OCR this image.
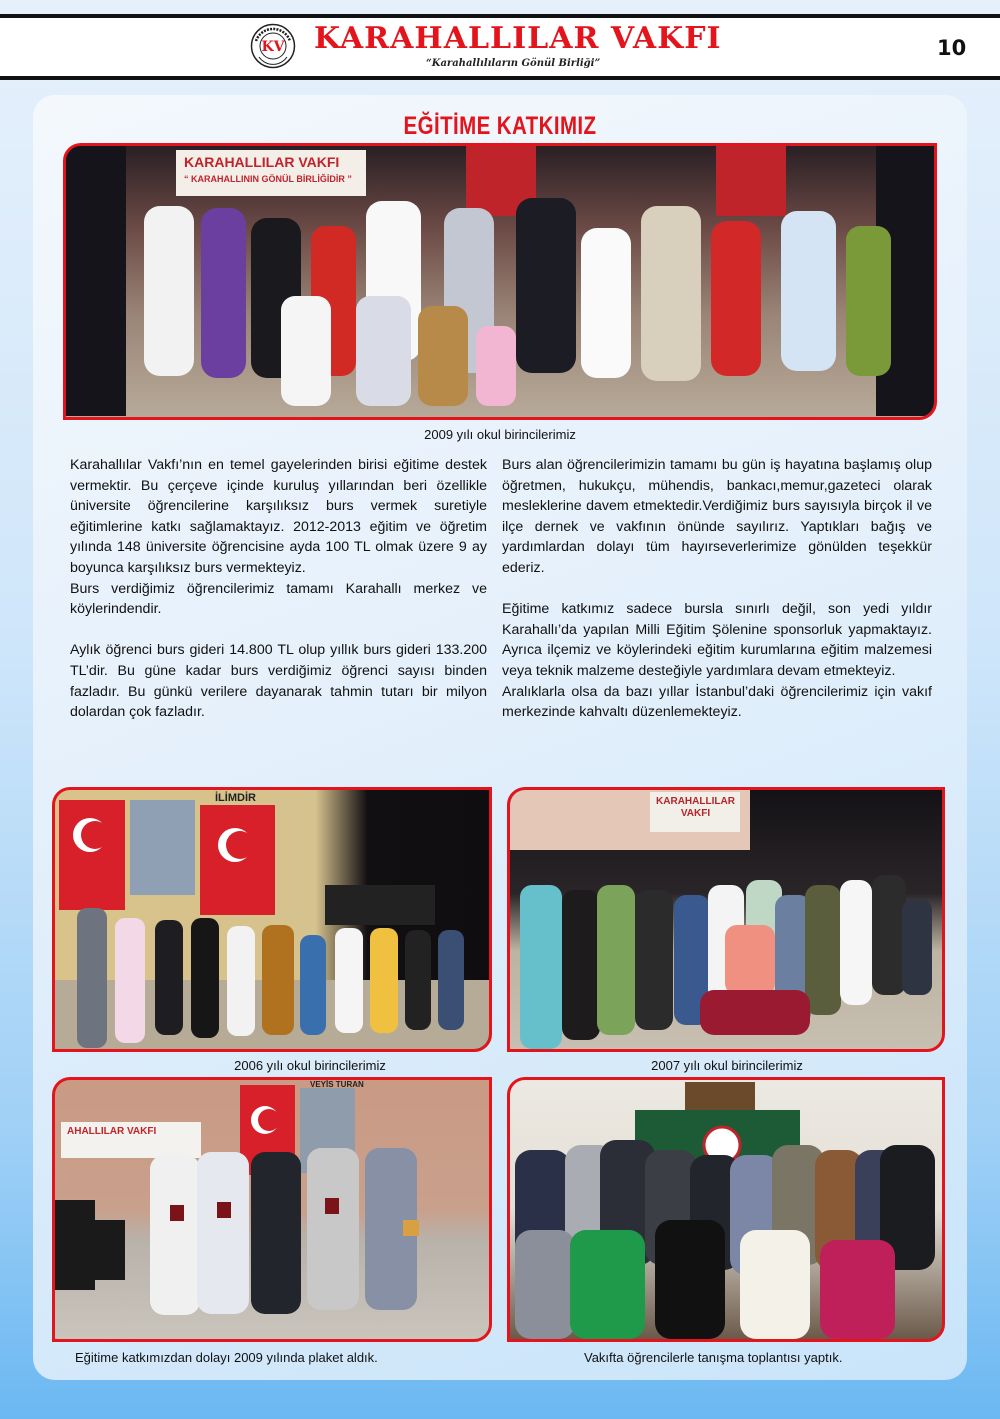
KV KARAHALLILAR VAKFI
“Karahallılıların Gönül Birliği”
10
EĞİTİME KATKIMIZ
KARAHALLILAR VAKFI
“ KARAHALLININ GÖNÜL BİRLİĞİDİR ”
2009 yılı okul birincilerimiz

Karahallılar Vakfı’nın en temel gayelerinden birisi eğitime destek vermektir. Bu çerçeve içinde kuruluş yıllarından beri özellikle üniversite öğrencilerine karşılıksız burs vermek suretiyle eğitimlerine katkı sağlamaktayız. 2012-2013 eğitim ve öğretim yılında 148 üniversite öğrencisine ayda 100 TL olmak üzere 9 ay boyunca karşılıksız burs vermekteyiz.

Burs verdiğimiz öğrencilerimiz tamamı Karahallı merkez ve köylerindendir.

Aylık öğrenci burs gideri 14.800 TL olup yıllık burs gideri 133.200 TL’dir. Bu güne kadar burs verdiğimiz öğrenci sayısı binden fazladır. Bu günkü verilere dayanarak tahmin tutarı bir milyon dolardan çok fazladır.

Burs alan öğrencilerimizin tamamı bu gün iş hayatına başlamış olup öğretmen, hukukçu, mühendis, bankacı,memur,gazeteci olarak mesleklerine davem etmektedir.Verdiğimiz burs sayısıyla birçok il ve ilçe dernek ve vakfının önünde sayılırız. Yaptıkları bağış ve yardımlardan dolayı tüm hayırseverlerimize gönülden teşekkür ederiz.

Eğitime katkımız sadece bursla sınırlı değil, son yedi yıldır Karahallı’da yapılan Milli Eğitim Şölenine sponsorluk yapmaktayız. Ayrıca ilçemiz ve köylerindeki eğitim kurumlarına eğitim malzemesi veya teknik malzeme desteğiyle yardımlara devam etmekteyiz.

Aralıklarla olsa da bazı yıllar İstanbul’daki öğrencilerimiz için vakıf merkezinde kahvaltı düzenlemekteyiz.

İLİMDİR
2006 yılı okul birincilerimiz
KARAHALLILAR VAKFI
2007 yılı okul birincilerimiz
VEYİS TURAN
AHALLILAR VAKFI
Eğitime katkımızdan dolayı 2009 yılında plaket aldık.	Vakıfta öğrencilerle tanışma toplantısı yaptık.
